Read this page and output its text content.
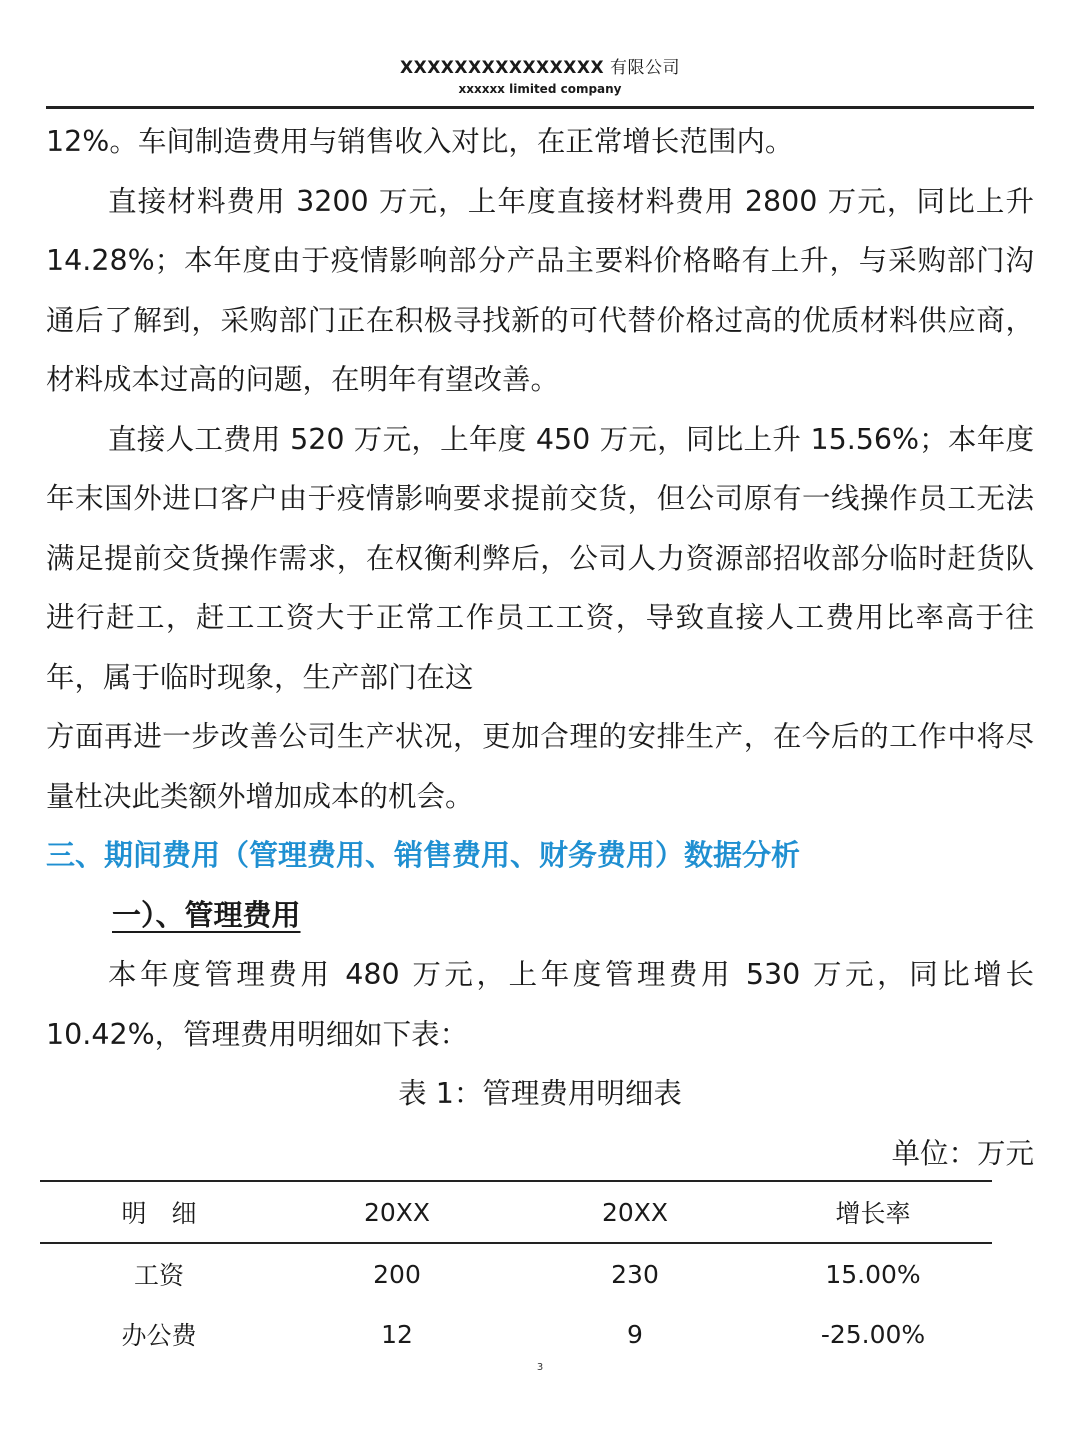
XXXXXXXXXXXXXXX 有限公司
xxxxxx limited company

12%。车间制造费用与销售收入对比，在正常增长范围内。

直接材料费用 3200 万元，上年度直接材料费用 2800 万元，同比上升 14.28%；本年度由于疫情影响部分产品主要料价格略有上升，与采购部门沟通后了解到，采购部门正在积极寻找新的可代替价格过高的优质材料供应商，材料成本过高的问题，在明年有望改善。

直接人工费用 520 万元，上年度 450 万元，同比上升 15.56%；本年度年末国外进口客户由于疫情影响要求提前交货，但公司原有一线操作员工无法满足提前交货操作需求，在权衡利弊后，公司人力资源部招收部分临时赶货队进行赶工，赶工工资大于正常工作员工工资，导致直接人工费用比率高于往年，属于临时现象，生产部门在这

方面再进一步改善公司生产状况，更加合理的安排生产，在今后的工作中将尽量杜决此类额外增加成本的机会。

三、期间费用（管理费用、销售费用、财务费用）数据分析

一）、管理费用

本年度管理费用 480 万元，上年度管理费用 530 万元，同比增长 10.42%，管理费用明细如下表：

表 1：管理费用明细表

单位：万元

明　细	20XX	20XX	增长率
工资	200	230	15.00%
办公费	12	9	-25.00%
3
